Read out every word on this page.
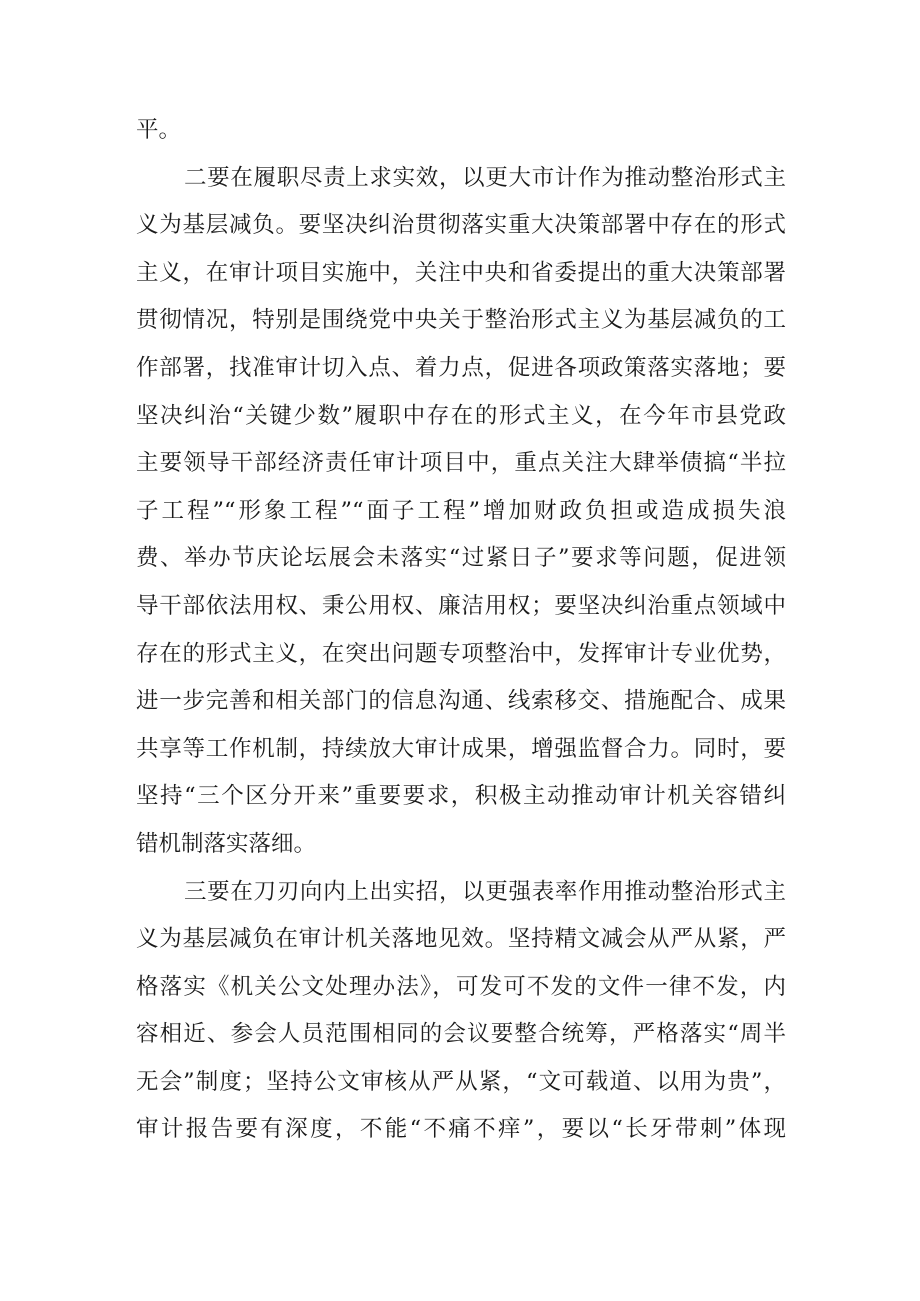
平。
二要在履职尽责上求实效，以更大市计作为推动整治形式主
义为基层减负。要坚决纠治贯彻落实重大决策部署中存在的形式
主义，在审计项目实施中，关注中央和省委提出的重大决策部署
贯彻情况，特别是围绕党中央关于整治形式主义为基层减负的工
作部署，找准审计切入点、着力点，促进各项政策落实落地；要
坚决纠治“关键少数”履职中存在的形式主义，在今年市县党政
主要领导干部经济责任审计项目中，重点关注大肆举债搞“半拉
子工程”“形象工程”“面子工程”增加财政负担或造成损失浪
费、举办节庆论坛展会未落实“过紧日子”要求等问题，促进领
导干部依法用权、秉公用权、廉洁用权；要坚决纠治重点领域中
存在的形式主义，在突出问题专项整治中，发挥审计专业优势，
进一步完善和相关部门的信息沟通、线索移交、措施配合、成果
共享等工作机制，持续放大审计成果，增强监督合力。同时，要
坚持“三个区分开来”重要要求，积极主动推动审计机关容错纠
错机制落实落细。
三要在刀刃向内上出实招，以更强表率作用推动整治形式主
义为基层减负在审计机关落地见效。坚持精文减会从严从紧，严
格落实《机关公文处理办法》，可发可不发的文件一律不发，内
容相近、参会人员范围相同的会议要整合统筹，严格落实“周半
无会”制度；坚持公文审核从严从紧，“文可载道、以用为贵”，
审计报告要有深度，不能“不痛不痒”，要以“长牙带刺”体现
